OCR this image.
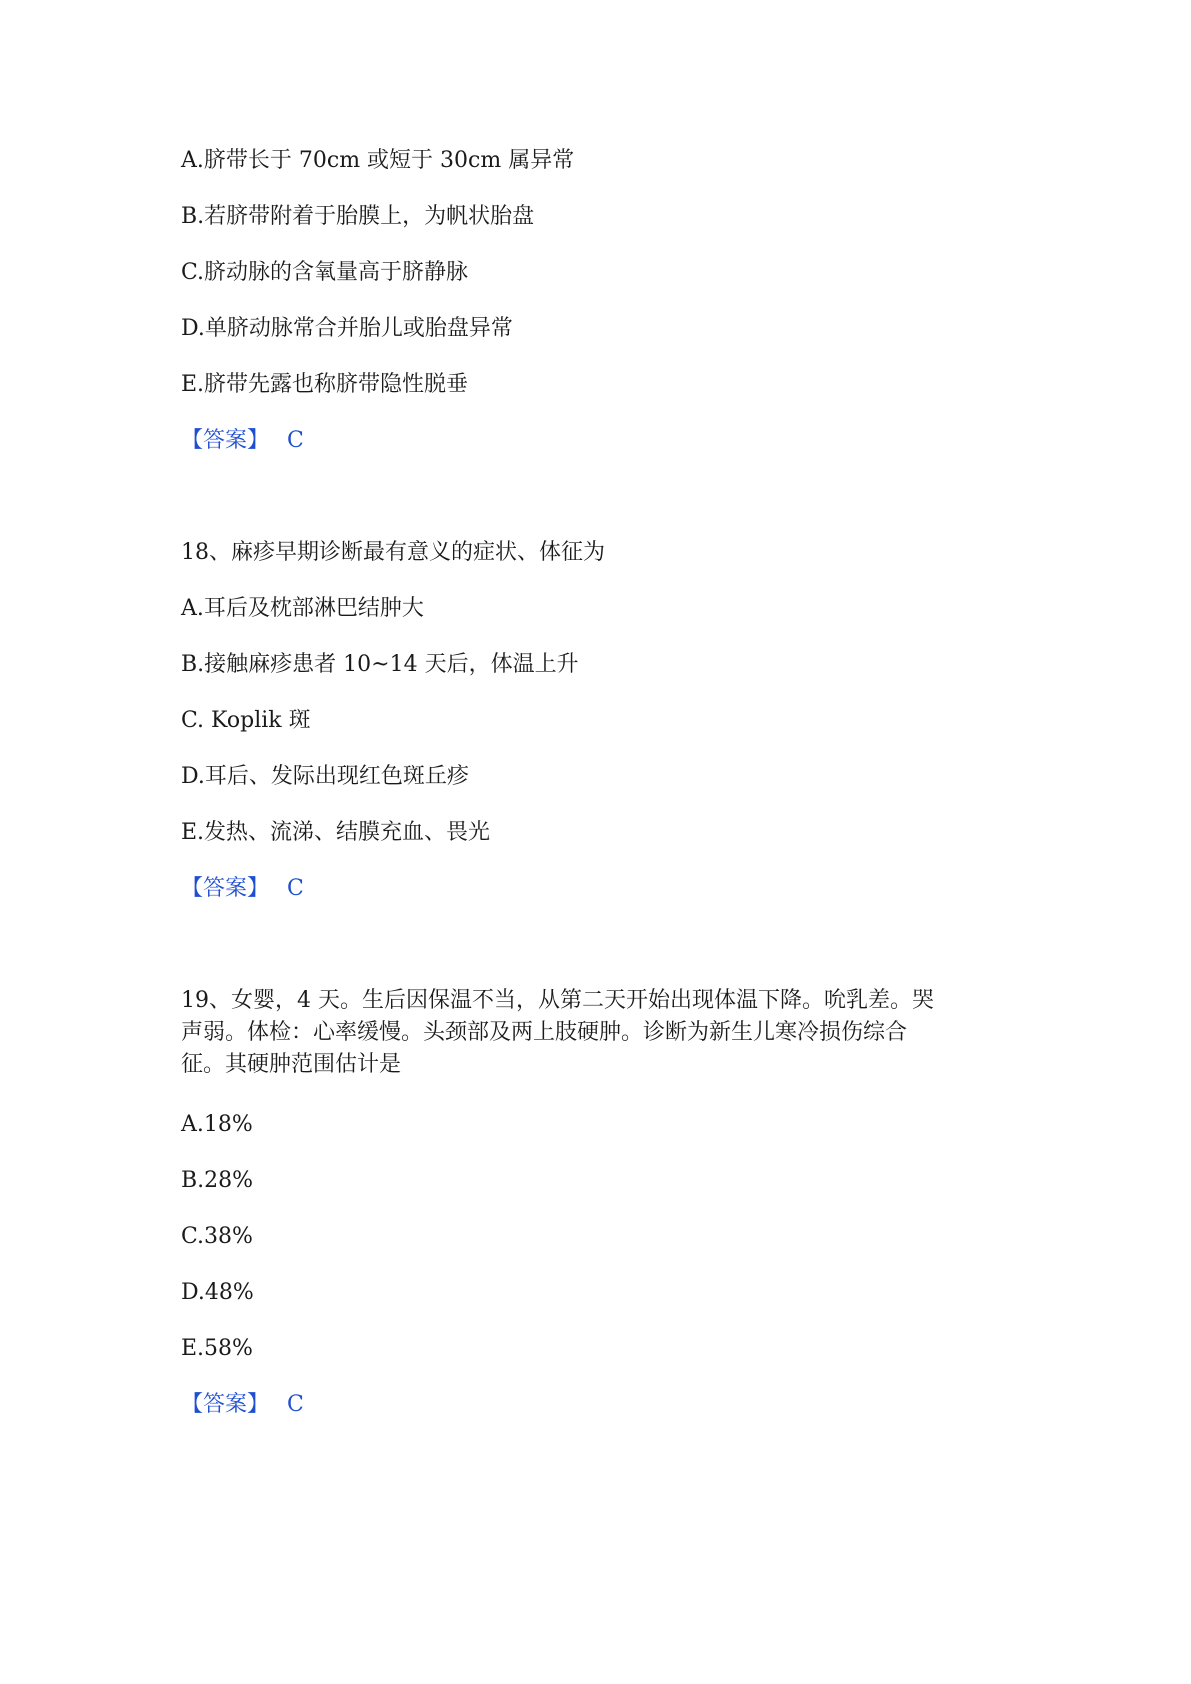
A.脐带长于 70cm 或短于 30cm 属异常
B.若脐带附着于胎膜上，为帆状胎盘
C.脐动脉的含氧量高于脐静脉
D.单脐动脉常合并胎儿或胎盘异常
E.脐带先露也称脐带隐性脱垂
【答案】 C
18、麻疹早期诊断最有意义的症状、体征为
A.耳后及枕部淋巴结肿大
B.接触麻疹患者 10~14 天后，体温上升
C. Koplik 斑
D.耳后、发际出现红色斑丘疹
E.发热、流涕、结膜充血、畏光
【答案】 C
19、女婴，4 天。生后因保温不当，从第二天开始出现体温下降。吮乳差。哭
声弱。体检：心率缓慢。头颈部及两上肢硬肿。诊断为新生儿寒冷损伤综合
征。其硬肿范围估计是
A.18%
B.28%
C.38%
D.48%
E.58%
【答案】 C
